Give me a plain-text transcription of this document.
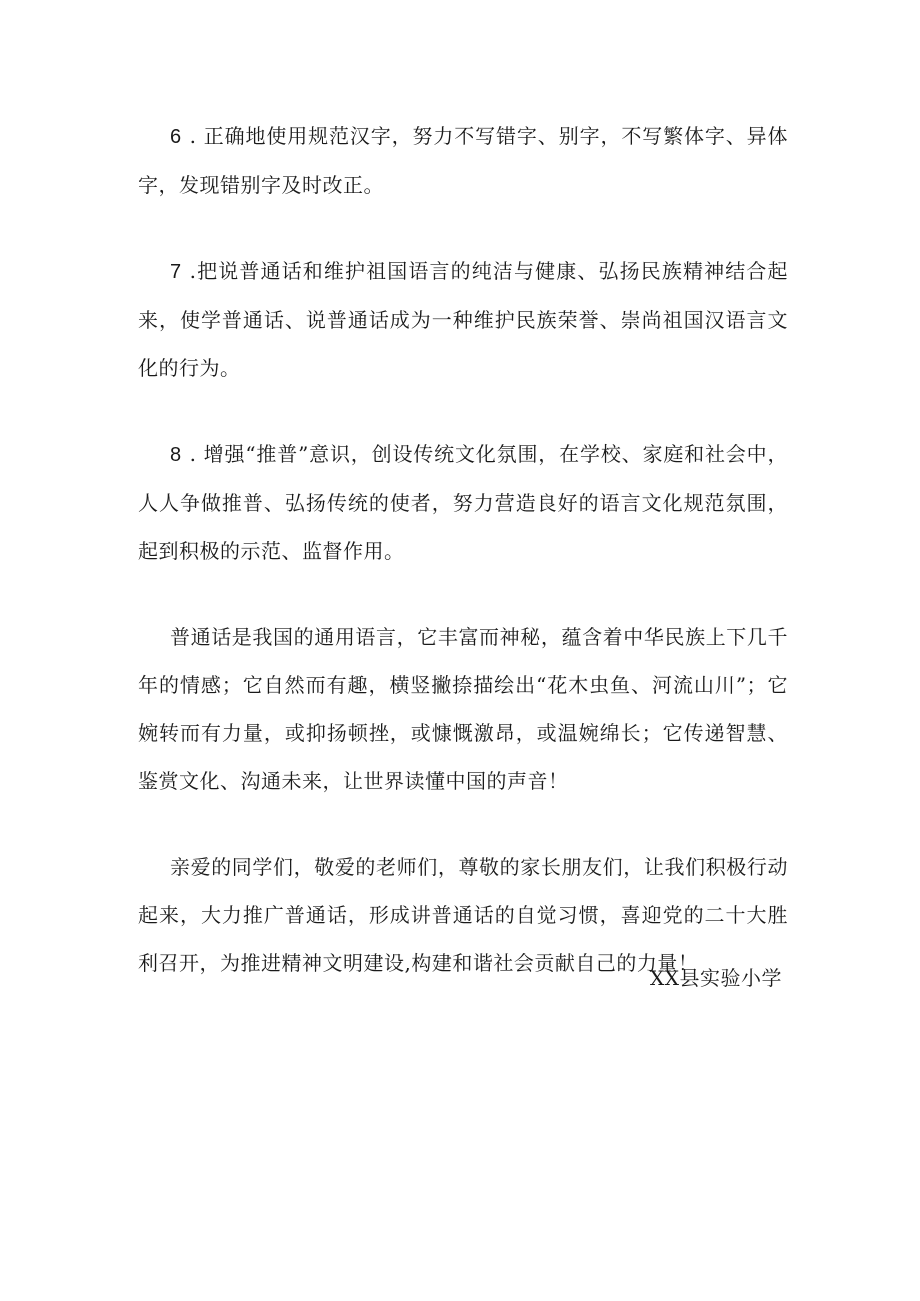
6 . 正确地使用规范汉字，努力不写错字、别字，不写繁体字、异体字，发现错别字及时改正。

7 .把说普通话和维护祖国语言的纯洁与健康、弘扬民族精神结合起来，使学普通话、说普通话成为一种维护民族荣誉、崇尚祖国汉语言文化的行为。

8 . 增强“推普”意识，创设传统文化氛围，在学校、家庭和社会中，人人争做推普、弘扬传统的使者，努力营造良好的语言文化规范氛围，起到积极的示范、监督作用。

普通话是我国的通用语言，它丰富而神秘，蕴含着中华民族上下几千年的情感；它自然而有趣，横竖撇捺描绘出“花木虫鱼、河流山川”；它婉转而有力量，或抑扬顿挫，或慷慨激昂，或温婉绵长；它传递智慧、鉴赏文化、沟通未来，让世界读懂中国的声音！

亲爱的同学们，敬爱的老师们，尊敬的家长朋友们，让我们积极行动起来，大力推广普通话，形成讲普通话的自觉习惯，喜迎党的二十大胜利召开，为推进精神文明建设,构建和谐社会贡献自己的力量！

XX县实验小学
